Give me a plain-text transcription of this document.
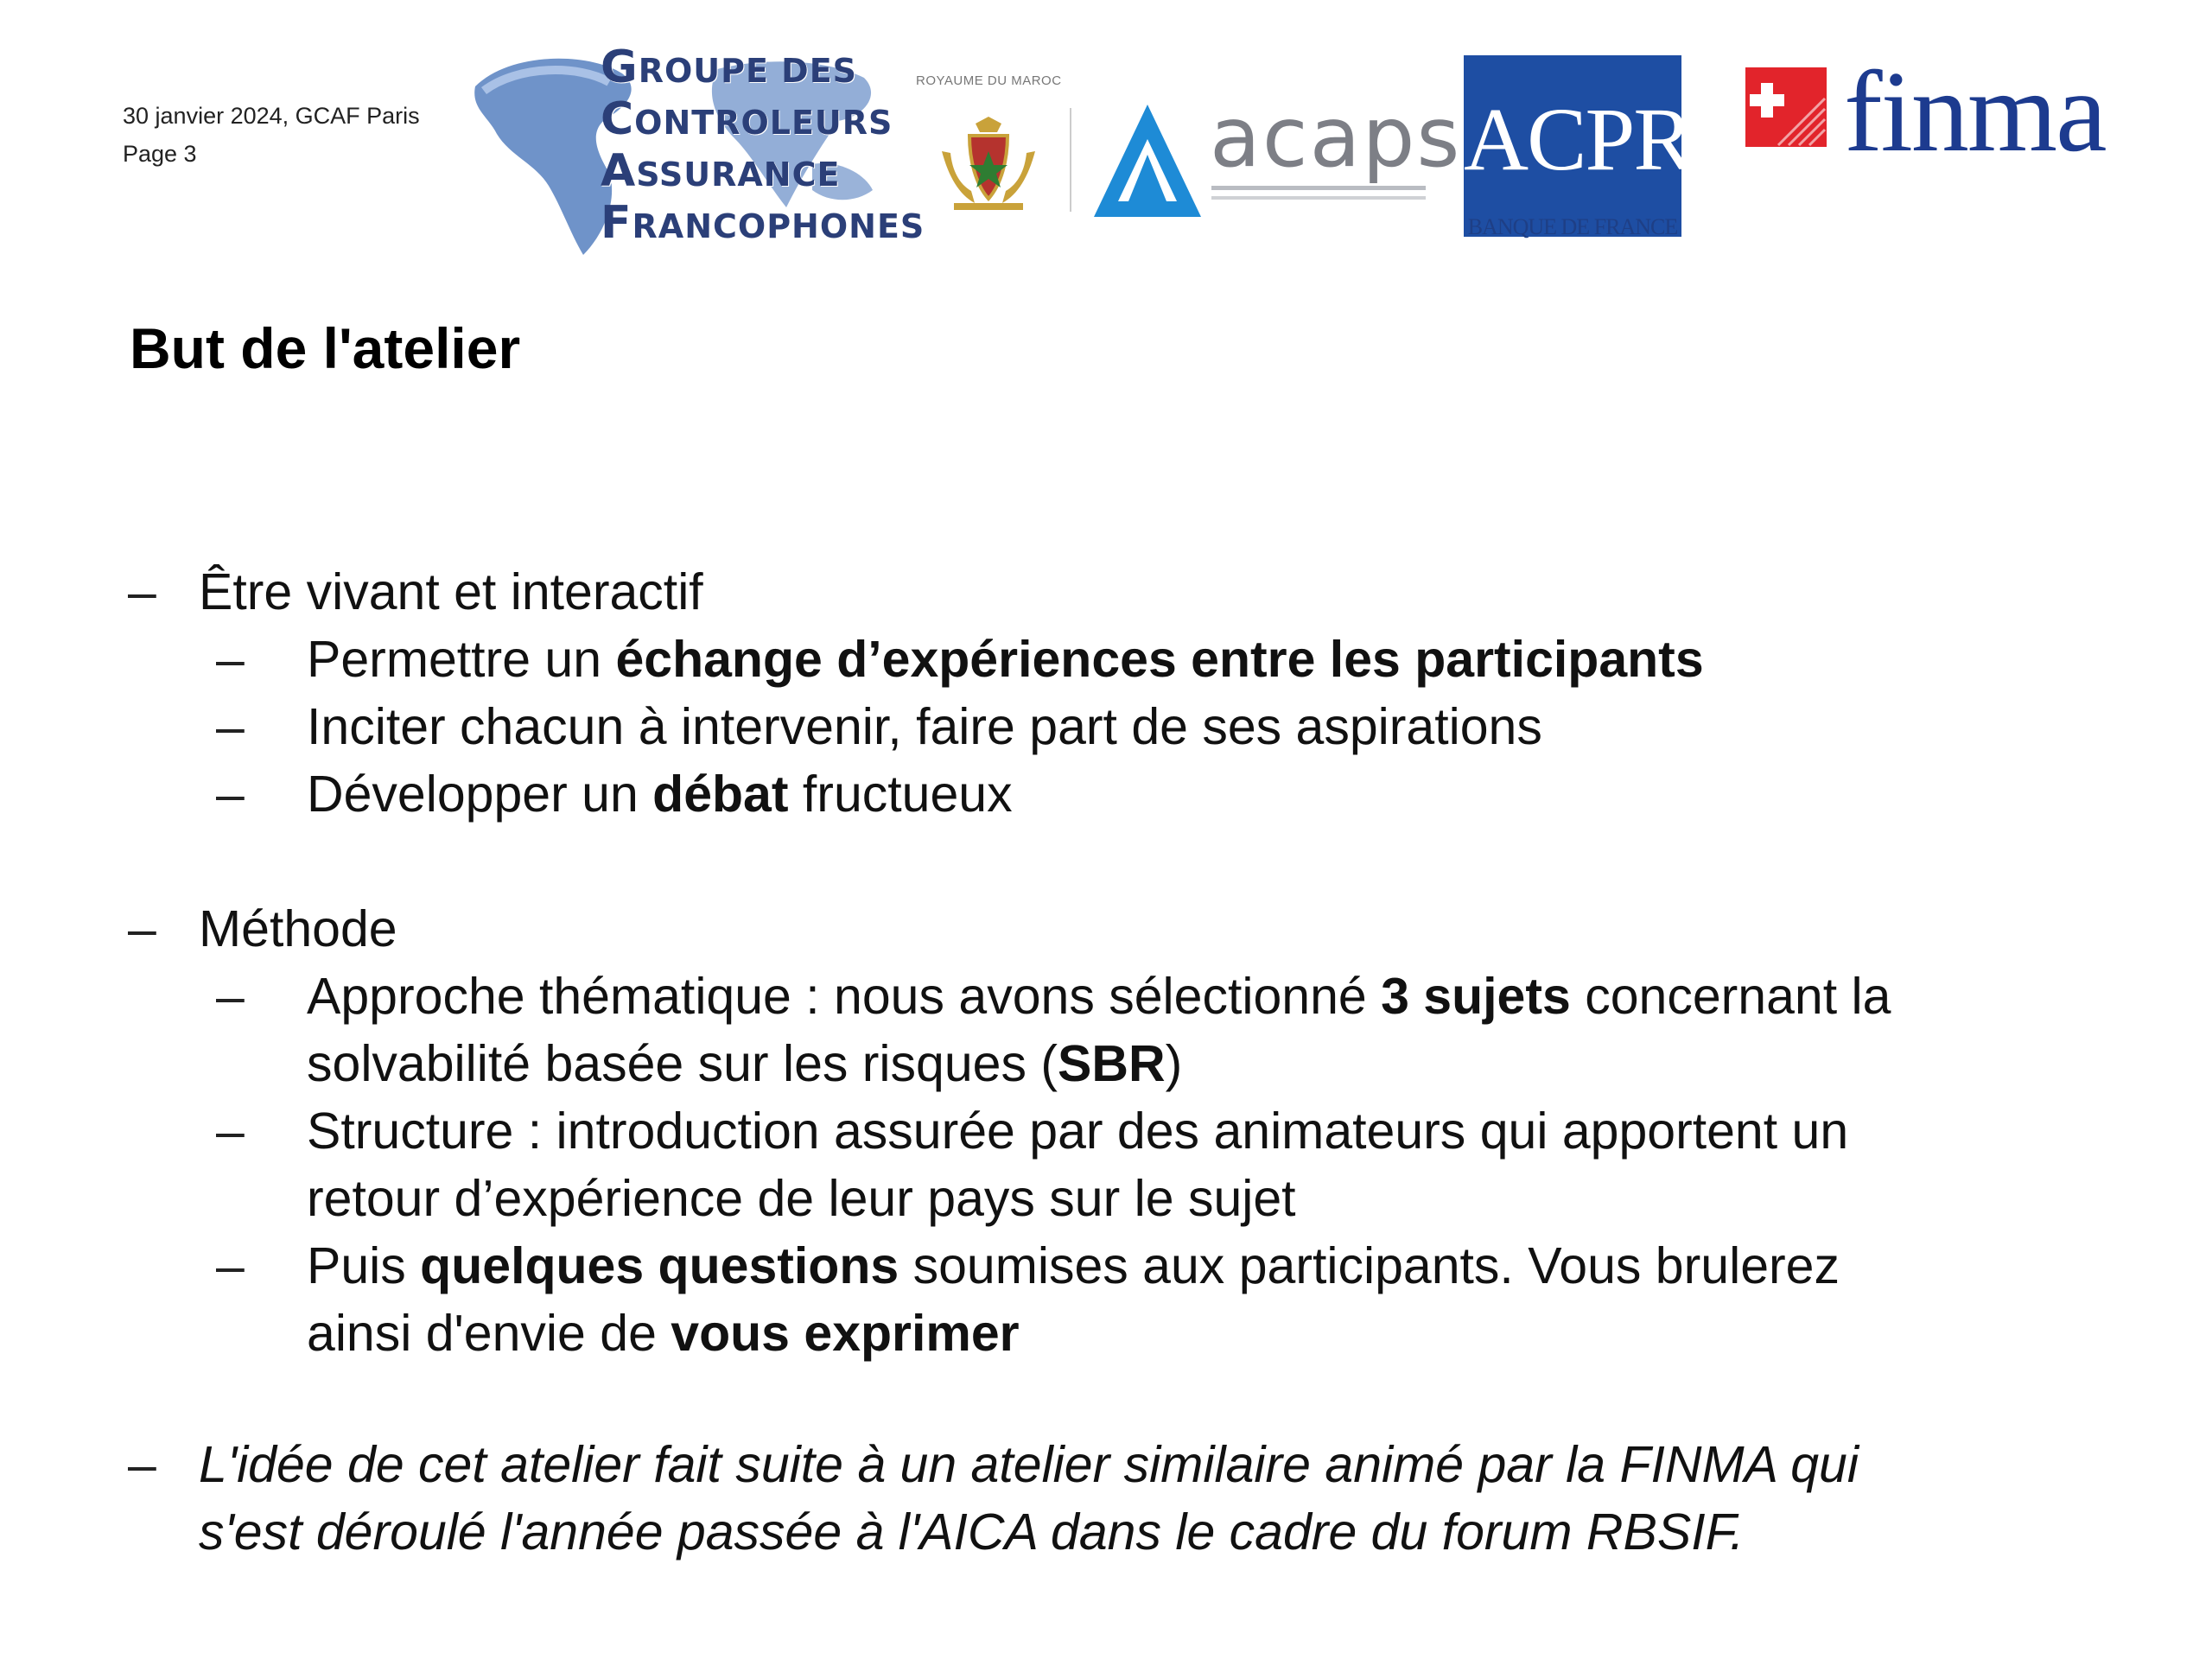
30 janvier 2024, GCAF Paris
Page 3
GROUPE DES
CONTROLEURS
ASSURANCE
FRANCOPHONES
ROYAUME DU MAROC
acaps ACPR
BANQUE DE FRANCE
finma
But de l'atelier
– Être vivant et interactif
– Permettre un échange d’expériences entre les participants
– Inciter chacun à intervenir, faire part de ses aspirations
– Développer un débat fructueux
– Méthode
– Approche thématique : nous avons sélectionné 3 sujets concernant la
solvabilité basée sur les risques (SBR)
– Structure : introduction assurée par des animateurs qui apportent un
retour d’expérience de leur pays sur le sujet
– Puis quelques questions soumises aux participants. Vous brulerez
ainsi d'envie de vous exprimer
– L'idée de cet atelier fait suite à un atelier similaire animé par la FINMA qui
s'est déroulé l'année passée à l'AICA dans le cadre du forum RBSIF.
